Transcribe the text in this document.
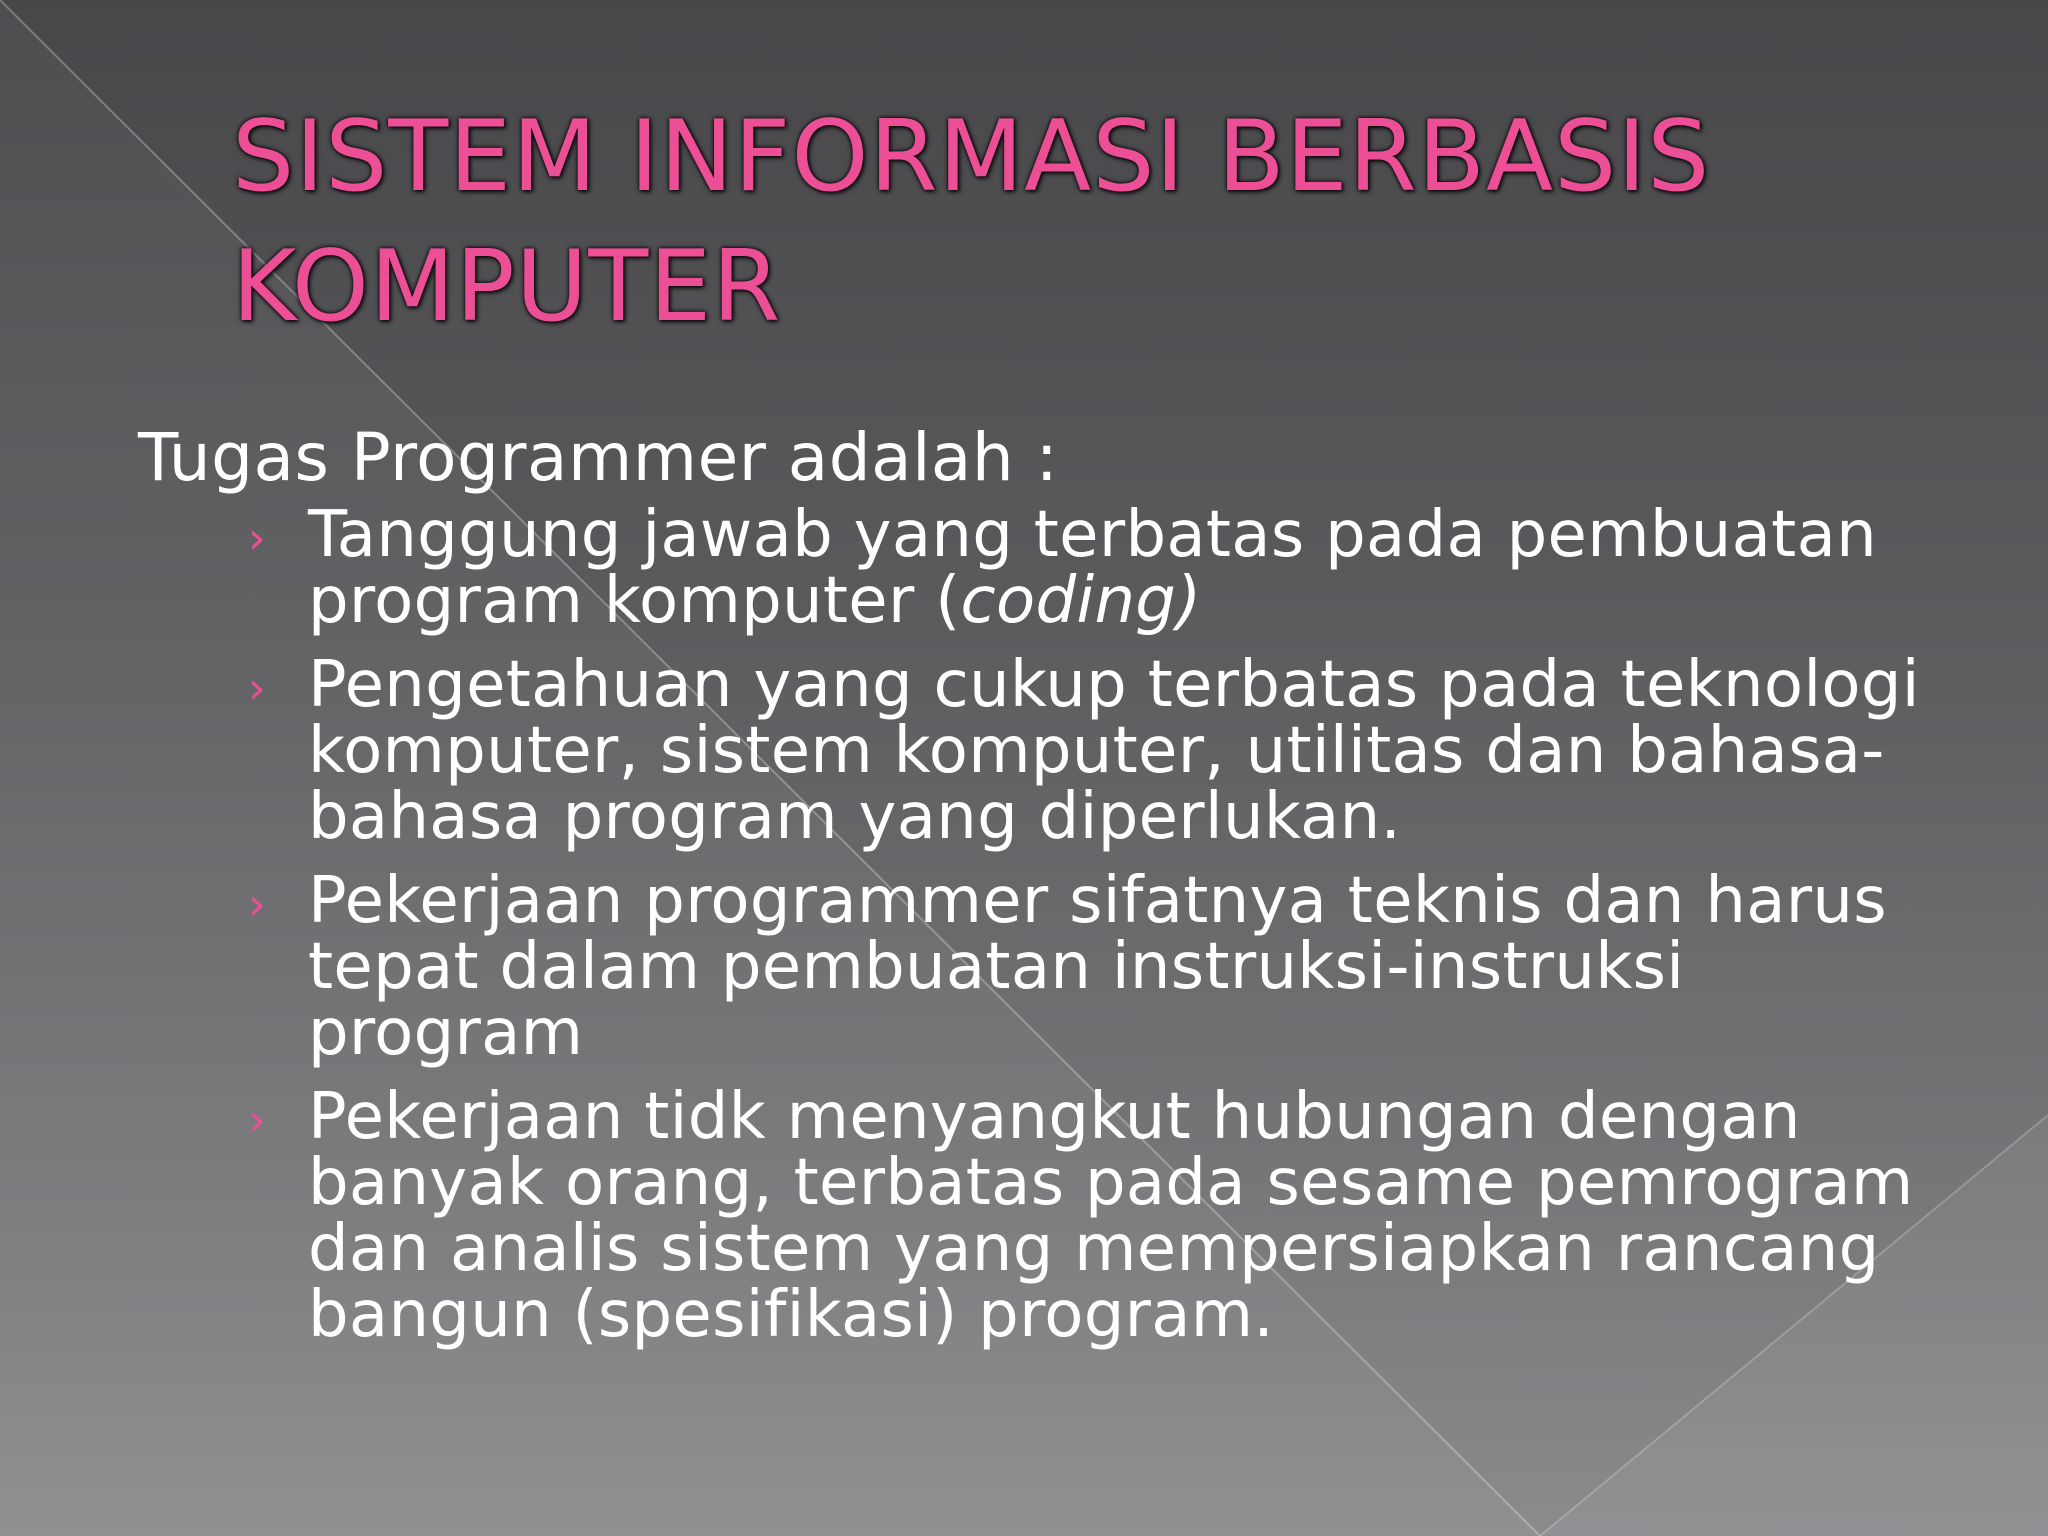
SISTEM INFORMASI BERBASIS
KOMPUTER

Tugas Programmer adalah :

› Tanggung jawab yang terbatas pada pembuatan program komputer (coding)
› Pengetahuan yang cukup terbatas pada teknologi komputer, sistem komputer, utilitas dan bahasa-bahasa program yang diperlukan.
› Pekerjaan programmer sifatnya teknis dan harus tepat dalam pembuatan instruksi-instruksi program
› Pekerjaan tidk menyangkut hubungan dengan banyak orang, terbatas pada sesame pemrogram dan analis sistem yang mempersiapkan rancang bangun (spesifikasi) program.
